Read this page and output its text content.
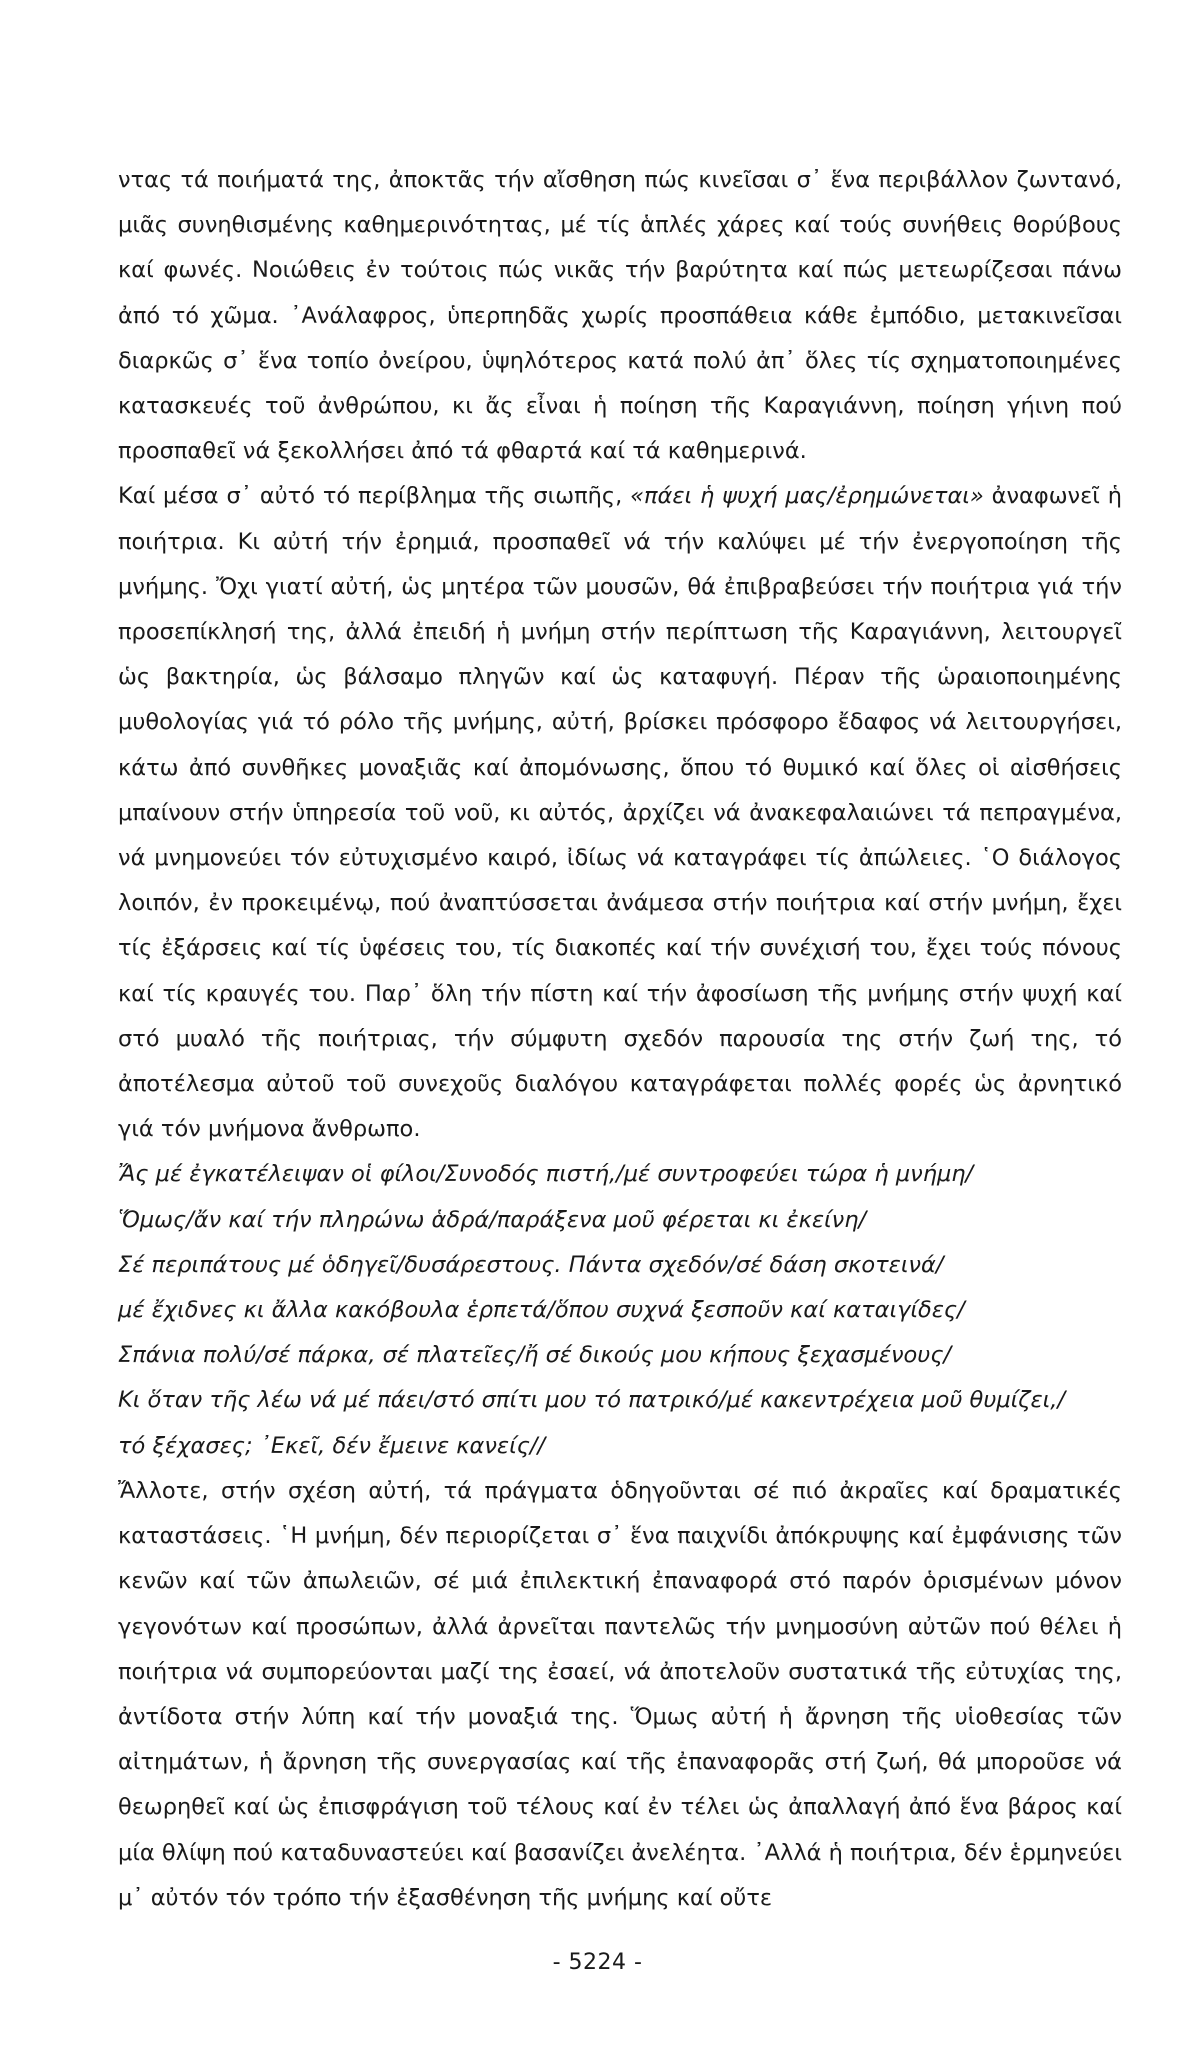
ντας τά ποιήματά της, ἀποκτᾶς τήν αἴσθηση πώς κινεῖσαι σ᾿ ἕνα περιβάλλον ζωντανό, μιᾶς συνηθισμένης καθημερινότητας, μέ τίς ἁπλές χάρες καί τούς συνήθεις θορύβους καί φωνές. Νοιώθεις ἐν τούτοις πώς νικᾶς τήν βαρύτητα καί πώς μετεωρίζεσαι πάνω ἀπό τό χῶμα. ᾿Ανάλαφρος, ὑπερπηδᾶς χωρίς προσπάθεια κάθε ἐμπόδιο, μετακινεῖσαι διαρκῶς σ᾿ ἕνα τοπίο ὀνείρου, ὑψηλότερος κατά πολύ ἀπ᾿ ὅλες τίς σχηματοποιημένες κατασκευές τοῦ ἀνθρώπου, κι ἄς εἶναι ἡ ποίηση τῆς Καραγιάννη, ποίηση γήινη πού προσπαθεῖ νά ξεκολλήσει ἀπό τά φθαρτά καί τά καθημερινά.

Καί μέσα σ᾿ αὐτό τό περίβλημα τῆς σιωπῆς, «πάει ἡ ψυχή μας/ἐρημώνεται» ἀναφωνεῖ ἡ ποιήτρια. Κι αὐτή τήν ἐρημιά, προσπαθεῖ νά τήν καλύψει μέ τήν ἐνεργοποίηση τῆς μνήμης. Ὄχι γιατί αὐτή, ὡς μητέρα τῶν μουσῶν, θά ἐπιβραβεύσει τήν ποιήτρια γιά τήν προσεπίκλησή της, ἀλλά ἐπειδή ἡ μνήμη στήν περίπτωση τῆς Καραγιάννη, λειτουργεῖ ὡς βακτηρία, ὡς βάλσαμο πληγῶν καί ὡς καταφυγή. Πέραν τῆς ὡραιοποιημένης μυθολογίας γιά τό ρόλο τῆς μνήμης, αὐτή, βρίσκει πρόσφορο ἔδαφος νά λειτουργήσει, κάτω ἀπό συνθῆκες μοναξιᾶς καί ἀπομόνωσης, ὅπου τό θυμικό καί ὅλες οἱ αἰσθήσεις μπαίνουν στήν ὑπηρεσία τοῦ νοῦ, κι αὐτός, ἀρχίζει νά ἀνακεφαλαιώνει τά πεπραγμένα, νά μνημονεύει τόν εὐτυχισμένο καιρό, ἰδίως νά καταγράφει τίς ἀπώλειες. ῾Ο διάλογος λοιπόν, ἐν προκειμένῳ, πού ἀναπτύσσεται ἀνάμεσα στήν ποιήτρια καί στήν μνήμη, ἔχει τίς ἐξάρσεις καί τίς ὑφέσεις του, τίς διακοπές καί τήν συνέχισή του, ἔχει τούς πόνους καί τίς κραυγές του. Παρ᾿ ὅλη τήν πίστη καί τήν ἀφοσίωση τῆς μνήμης στήν ψυχή καί στό μυαλό τῆς ποιήτριας, τήν σύμφυτη σχεδόν παρουσία της στήν ζωή της, τό ἀποτέλεσμα αὐτοῦ τοῦ συνεχοῦς διαλόγου καταγράφεται πολλές φορές ὡς ἀρνητικό γιά τόν μνήμονα ἄνθρωπο.

Ἄς μέ ἐγκατέλειψαν οἱ φίλοι/Συνοδός πιστή,/μέ συντροφεύει τώρα ἡ μνήμη/

Ὅμως/ἄν καί τήν πληρώνω ἁδρά/παράξενα μοῦ φέρεται κι ἐκείνη/

Σέ περιπάτους μέ ὁδηγεῖ/δυσάρεστους. Πάντα σχεδόν/σέ δάση σκοτεινά/

μέ ἔχιδνες κι ἄλλα κακόβουλα ἑρπετά/ὅπου συχνά ξεσποῦν καί καταιγίδες/

Σπάνια πολύ/σέ πάρκα, σέ πλατεῖες/ἤ σέ δικούς μου κήπους ξεχασμένους/

Κι ὅταν τῆς λέω νά μέ πάει/στό σπίτι μου τό πατρικό/μέ κακεντρέχεια μοῦ θυμίζει,/

τό ξέχασες; ᾿Εκεῖ, δέν ἔμεινε κανείς//

Ἄλλοτε, στήν σχέση αὐτή, τά πράγματα ὁδηγοῦνται σέ πιό ἀκραῖες καί δραματικές καταστάσεις. ῾Η μνήμη, δέν περιορίζεται σ᾿ ἕνα παιχνίδι ἀπόκρυψης καί ἐμφάνισης τῶν κενῶν καί τῶν ἀπωλειῶν, σέ μιά ἐπιλεκτική ἐπαναφορά στό παρόν ὁρισμένων μόνον γεγονότων καί προσώπων, ἀλλά ἀρνεῖται παντελῶς τήν μνημοσύνη αὐτῶν πού θέλει ἡ ποιήτρια νά συμπορεύονται μαζί της ἐσαεί, νά ἀποτελοῦν συστατικά τῆς εὐτυχίας της, ἀντίδοτα στήν λύπη καί τήν μοναξιά της. Ὅμως αὐτή ἡ ἄρνηση τῆς υἱοθεσίας τῶν αἰτημάτων, ἡ ἄρνηση τῆς συνεργασίας καί τῆς ἐπαναφορᾶς στή ζωή, θά μποροῦσε νά θεωρηθεῖ καί ὡς ἐπισφράγιση τοῦ τέλους καί ἐν τέλει ὡς ἀπαλλαγή ἀπό ἕνα βάρος καί μία θλίψη πού καταδυναστεύει καί βασανίζει ἀνελέητα. ᾿Αλλά ἡ ποιήτρια, δέν ἑρμηνεύει μ᾿ αὐτόν τόν τρόπο τήν ἐξασθένηση τῆς μνήμης καί οὔτε

- 5224 -
